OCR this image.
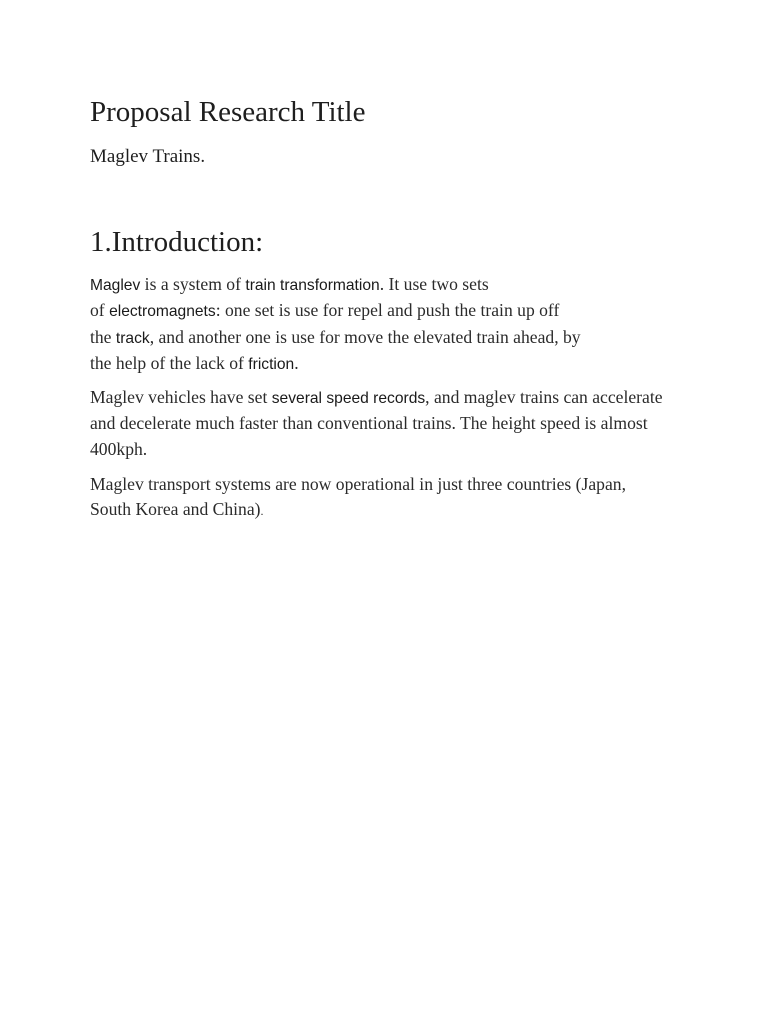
Proposal Research Title

Maglev Trains.

1.Introduction:

Maglev is a system of train transformation. It use two sets
of electromagnets: one set is use for repel and push the train up off
the track, and another one is use for move the elevated train ahead, by
the help of the lack of friction.

Maglev vehicles have set several speed records, and maglev trains can accelerate
and decelerate much faster than conventional trains. The height speed is almost
400kph.

Maglev transport systems are now operational in just three countries (Japan,
South Korea and China).
